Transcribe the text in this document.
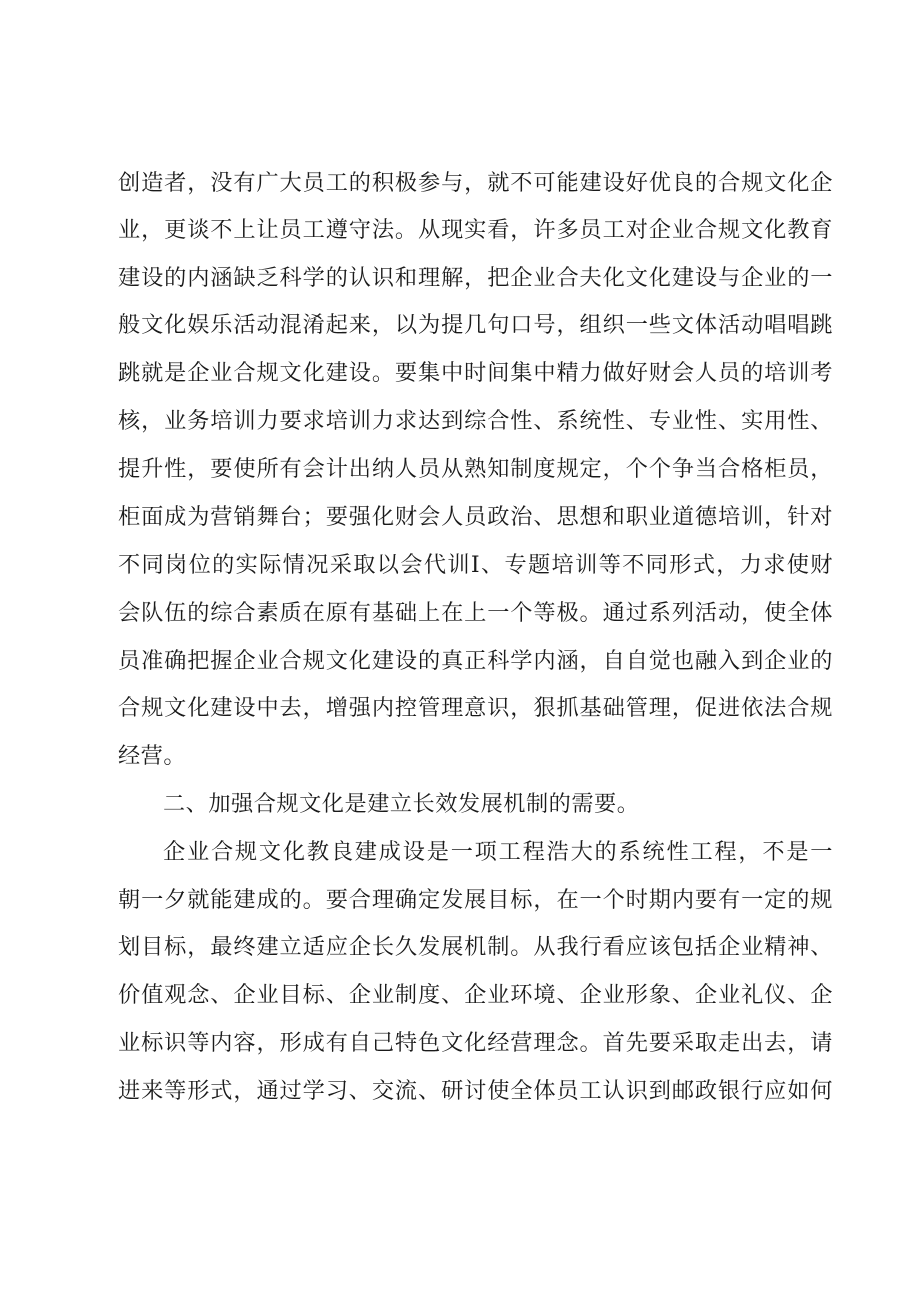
创造者，没有广大员工的积极参与，就不可能建设好优良的合规文化企
业，更谈不上让员工遵守法。从现实看，许多员工对企业合规文化教育
建设的内涵缺乏科学的认识和理解，把企业合夫化文化建设与企业的一
般文化娱乐活动混淆起来，以为提几句口号，组织一些文体活动唱唱跳
跳就是企业合规文化建设。要集中时间集中精力做好财会人员的培训考
核，业务培训力要求培训力求达到综合性、系统性、专业性、实用性、
提升性，要使所有会计出纳人员从熟知制度规定，个个争当合格柜员，
柜面成为营销舞台；要强化财会人员政治、思想和职业道德培训，针对
不同岗位的实际情况采取以会代训I、专题培训等不同形式，力求使财
会队伍的综合素质在原有基础上在上一个等极。通过系列活动，使全体
员准确把握企业合规文化建设的真正科学内涵，自自觉也融入到企业的
合规文化建设中去，增强内控管理意识，狠抓基础管理，促进依法合规
经营。
二、加强合规文化是建立长效发展机制的需要。
企业合规文化教良建成设是一项工程浩大的系统性工程，不是一
朝一夕就能建成的。要合理确定发展目标，在一个时期内要有一定的规
划目标，最终建立适应企长久发展机制。从我行看应该包括企业精神、
价值观念、企业目标、企业制度、企业环境、企业形象、企业礼仪、企
业标识等内容，形成有自己特色文化经营理念。首先要采取走出去，请
进来等形式，通过学习、交流、研讨使全体员工认识到邮政银行应如何
